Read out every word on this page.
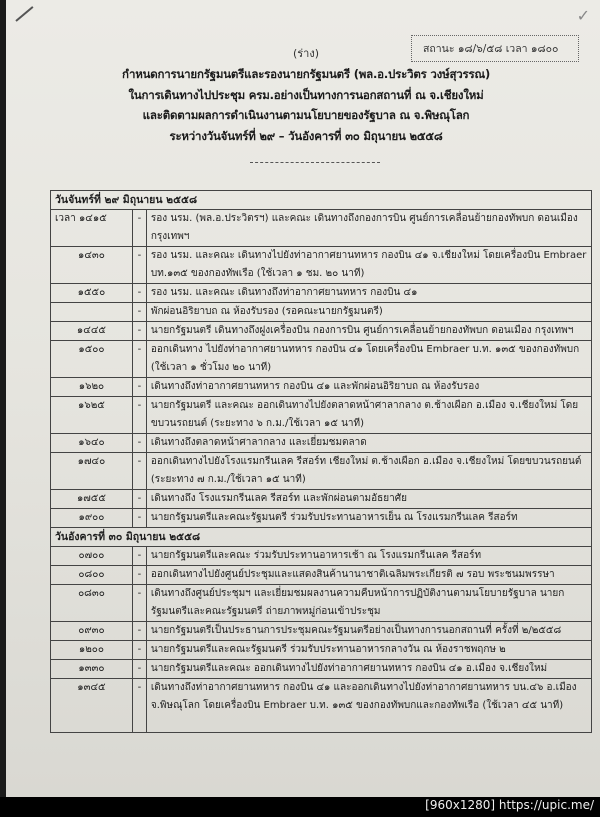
✓
สถานะ ๑๘/๖/๕๘ เวลา ๑๘๐๐
(ร่าง)
กำหนดการนายกรัฐมนตรีและรองนายกรัฐมนตรี (พล.อ.ประวิตร วงษ์สุวรรณ)
ในการเดินทางไปประชุม ครม.อย่างเป็นทางการนอกสถานที่ ณ จ.เชียงใหม่
และติดตามผลการดำเนินงานตามนโยบายของรัฐบาล ณ จ.พิษณุโลก
ระหว่างวันจันทร์ที่ ๒๙ – วันอังคารที่ ๓๐ มิถุนายน ๒๕๕๘
วันจันทร์ที่ ๒๙ มิถุนายน ๒๕๕๘		
เวลา ๑๔๑๕	-	รอง นรม. (พล.อ.ประวิตรฯ) และคณะ เดินทางถึงกองการบิน ศูนย์การเคลื่อนย้ายกองทัพบก ดอนเมือง กรุงเทพฯ
๑๔๓๐	-	รอง นรม. และคณะ เดินทางไปยังท่าอากาศยานทหาร กองบิน ๔๑ จ.เชียงใหม่ โดยเครื่องบิน Embraer บท.๑๓๕ ของกองทัพเรือ (ใช้เวลา ๑ ชม. ๒๐ นาที)
๑๕๕๐	-	รอง นรม. และคณะ เดินทางถึงท่าอากาศยานทหาร กองบิน ๔๑
	-	พักผ่อนอิริยาบถ ณ ห้องรับรอง (รอคณะนายกรัฐมนตรี)
๑๔๔๕	-	นายกรัฐมนตรี เดินทางถึงฝูงเครื่องบิน กองการบิน ศูนย์การเคลื่อนย้ายกองทัพบก ดอนเมือง กรุงเทพฯ
๑๕๐๐	-	ออกเดินทาง ไปยังท่าอากาศยานทหาร กองบิน ๔๑ โดยเครื่องบิน Embraer บ.ท. ๑๓๕ ของกองทัพบก (ใช้เวลา ๑ ชั่วโมง ๒๐ นาที)
๑๖๒๐	-	เดินทางถึงท่าอากาศยานทหาร กองบิน ๔๑ และพักผ่อนอิริยาบถ ณ ห้องรับรอง
๑๖๒๕	-	นายกรัฐมนตรี และคณะ ออกเดินทางไปยังตลาดหน้าศาลากลาง ต.ช้างเผือก อ.เมือง จ.เชียงใหม่ โดยขบวนรถยนต์ (ระยะทาง ๖ ก.ม./ใช้เวลา ๑๕ นาที)
๑๖๔๐	-	เดินทางถึงตลาดหน้าศาลากลาง และเยี่ยมชมตลาด
๑๗๔๐	-	ออกเดินทางไปยังโรงแรมกรีนเลค รีสอร์ท เชียงใหม่ ต.ช้างเผือก อ.เมือง จ.เชียงใหม่ โดยขบวนรถยนต์ (ระยะทาง ๗ ก.ม./ใช้เวลา ๑๕ นาที)
๑๗๕๕	-	เดินทางถึง โรงแรมกรีนเลค รีสอร์ท และพักผ่อนตามอัธยาศัย
๑๙๐๐	-	นายกรัฐมนตรีและคณะรัฐมนตรี ร่วมรับประทานอาหารเย็น ณ โรงแรมกรีนเลค รีสอร์ท
วันอังคารที่ ๓๐ มิถุนายน ๒๕๕๘		
๐๗๐๐	-	นายกรัฐมนตรีและคณะ ร่วมรับประทานอาหารเช้า ณ โรงแรมกรีนเลค รีสอร์ท
๐๘๐๐	-	ออกเดินทางไปยังศูนย์ประชุมและแสดงสินค้านานาชาติเฉลิมพระเกียรติ ๗ รอบ พระชนมพรรษา
๐๘๓๐	-	เดินทางถึงศูนย์ประชุมฯ และเยี่ยมชมผลงานความคืบหน้าการปฏิบัติงานตามนโยบายรัฐบาล นายกรัฐมนตรีและคณะรัฐมนตรี ถ่ายภาพหมู่ก่อนเข้าประชุม
๐๙๓๐	-	นายกรัฐมนตรีเป็นประธานการประชุมคณะรัฐมนตรีอย่างเป็นทางการนอกสถานที่ ครั้งที่ ๒/๒๕๕๘
๑๒๐๐	-	นายกรัฐมนตรีและคณะรัฐมนตรี ร่วมรับประทานอาหารกลางวัน ณ ห้องราชพฤกษ ๒
๑๓๓๐	-	นายกรัฐมนตรีและคณะ ออกเดินทางไปยังท่าอากาศยานทหาร กองบิน ๔๑ อ.เมือง จ.เชียงใหม่
๑๓๔๕	-	เดินทางถึงท่าอากาศยานทหาร กองบิน ๔๑ และออกเดินทางไปยังท่าอากาศยานทหาร บน.๔๖ อ.เมือง จ.พิษณุโลก โดยเครื่องบิน Embraer บ.ท. ๑๓๕ ของกองทัพบกและกองทัพเรือ (ใช้เวลา ๔๕ นาที)
[960x1280] https://upic.me/
